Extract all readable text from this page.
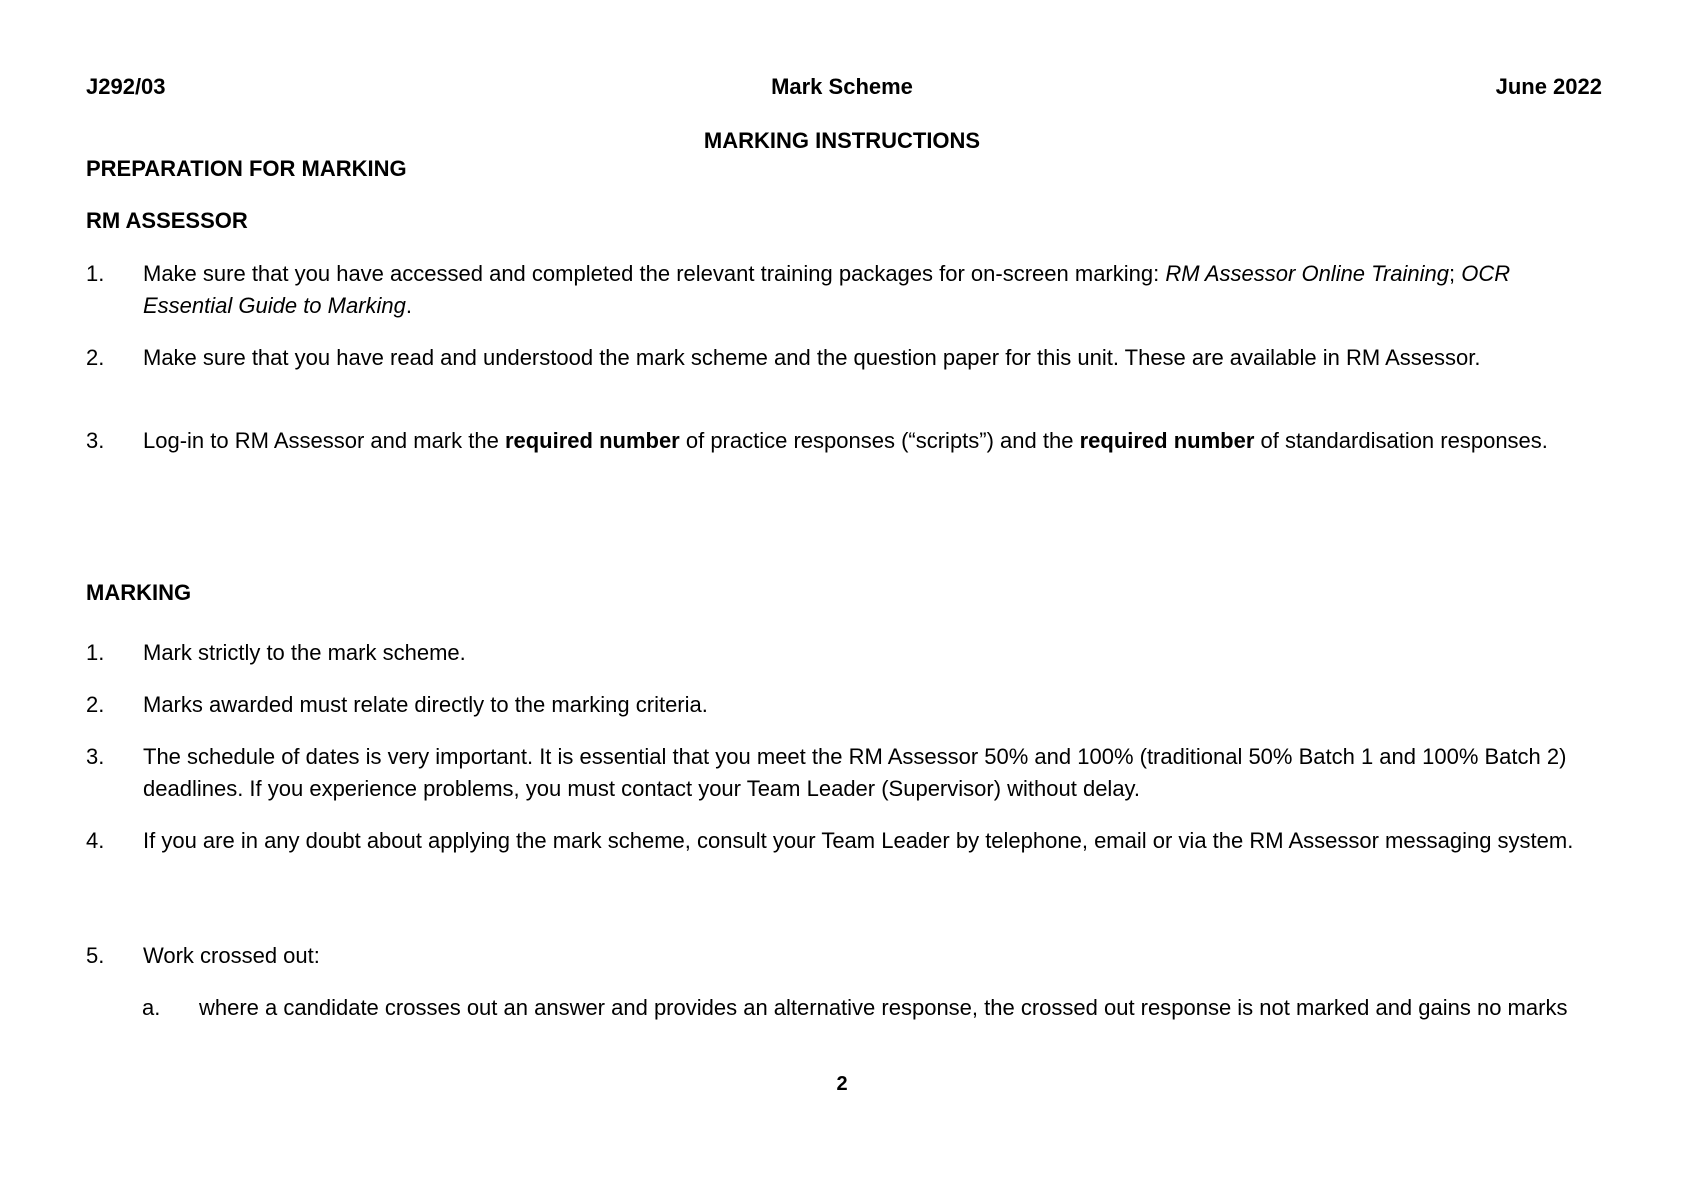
J292/03	Mark Scheme	June 2022
MARKING INSTRUCTIONS
PREPARATION FOR MARKING
RM ASSESSOR
1.	Make sure that you have accessed and completed the relevant training packages for on-screen marking: RM Assessor Online Training; OCR Essential Guide to Marking.
2.	Make sure that you have read and understood the mark scheme and the question paper for this unit. These are available in RM Assessor.
3.	Log-in to RM Assessor and mark the required number of practice responses (“scripts”) and the required number of standardisation responses.
MARKING
1.	Mark strictly to the mark scheme.
2.	Marks awarded must relate directly to the marking criteria.
3.	The schedule of dates is very important. It is essential that you meet the RM Assessor 50% and 100% (traditional 50% Batch 1 and 100% Batch 2) deadlines. If you experience problems, you must contact your Team Leader (Supervisor) without delay.
4.	If you are in any doubt about applying the mark scheme, consult your Team Leader by telephone, email or via the RM Assessor messaging system.
5.	Work crossed out:
a.	where a candidate crosses out an answer and provides an alternative response, the crossed out response is not marked and gains no marks
2
